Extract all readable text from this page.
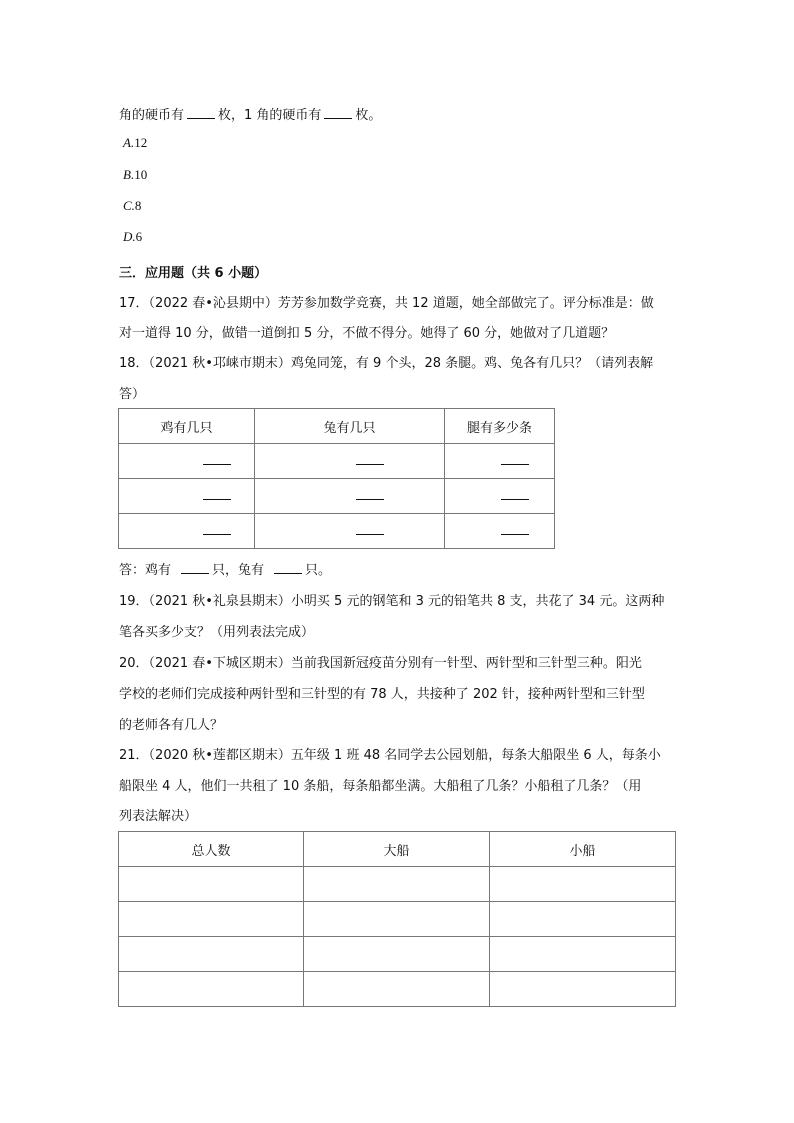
角的硬币有	枚，1 角的硬币有	枚。
A.12
B.10
C.8
D.6
三．应用题（共 6 小题）
17．（2022 春•沁县期中）芳芳参加数学竞赛，共 12 道题，她全部做完了。评分标准是：做
对一道得 10 分，做错一道倒扣 5 分，不做不得分。她得了 60 分，她做对了几道题？
18．（2021 秋•邛崃市期末）鸡兔同笼，有 9 个头，28 条腿。鸡、兔各有几只？（请列表解
答）
鸡有几只	兔有几只	腿有多少条

答：鸡有	只，兔有	只。
19．（2021 秋•礼泉县期末）小明买 5 元的钢笔和 3 元的铅笔共 8 支，共花了 34 元。这两种
笔各买多少支？（用列表法完成）
20．（2021 春•下城区期末）当前我国新冠疫苗分别有一针型、两针型和三针型三种。阳光
学校的老师们完成接种两针型和三针型的有 78 人，共接种了 202 针，接种两针型和三针型
的老师各有几人？
21．（2020 秋•莲都区期末）五年级 1 班 48 名同学去公园划船，每条大船限坐 6 人，每条小
船限坐 4 人，他们一共租了 10 条船，每条船都坐满。大船租了几条？小船租了几条？（用
列表法解决）
总人数	大船	小船
